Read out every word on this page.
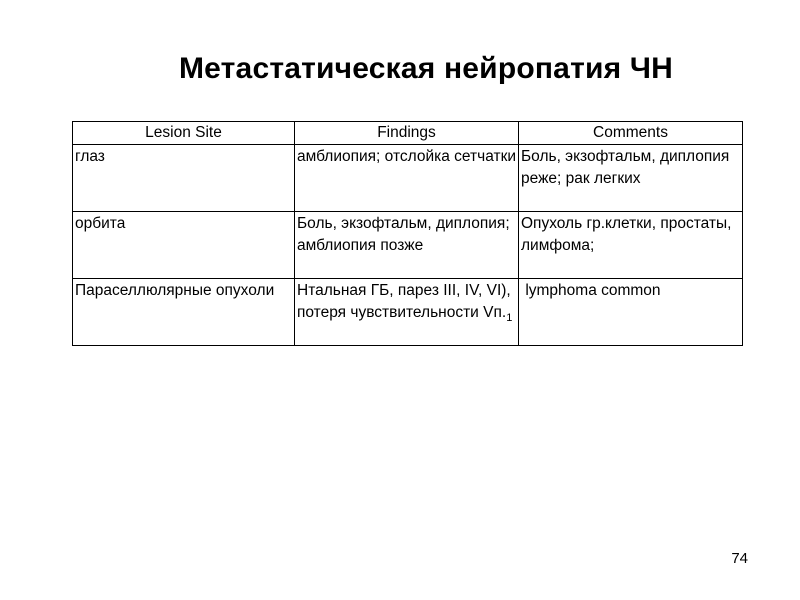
Метастатическая нейропатия ЧН
Lesion Site	Findings	Comments
глаз	амблиопия; отслойка сетчатки	Боль, экзофтальм, диплопия реже; рак легких
орбита	Боль, экзофтальм, диплопия; амблиопия позже	Опухоль гр.клетки, простаты, лимфома;
Параселлюлярные опухоли	Нтальная ГБ, парез III, IV, VI), потеря чувствительности $Vп._1$	lymphoma common
74
